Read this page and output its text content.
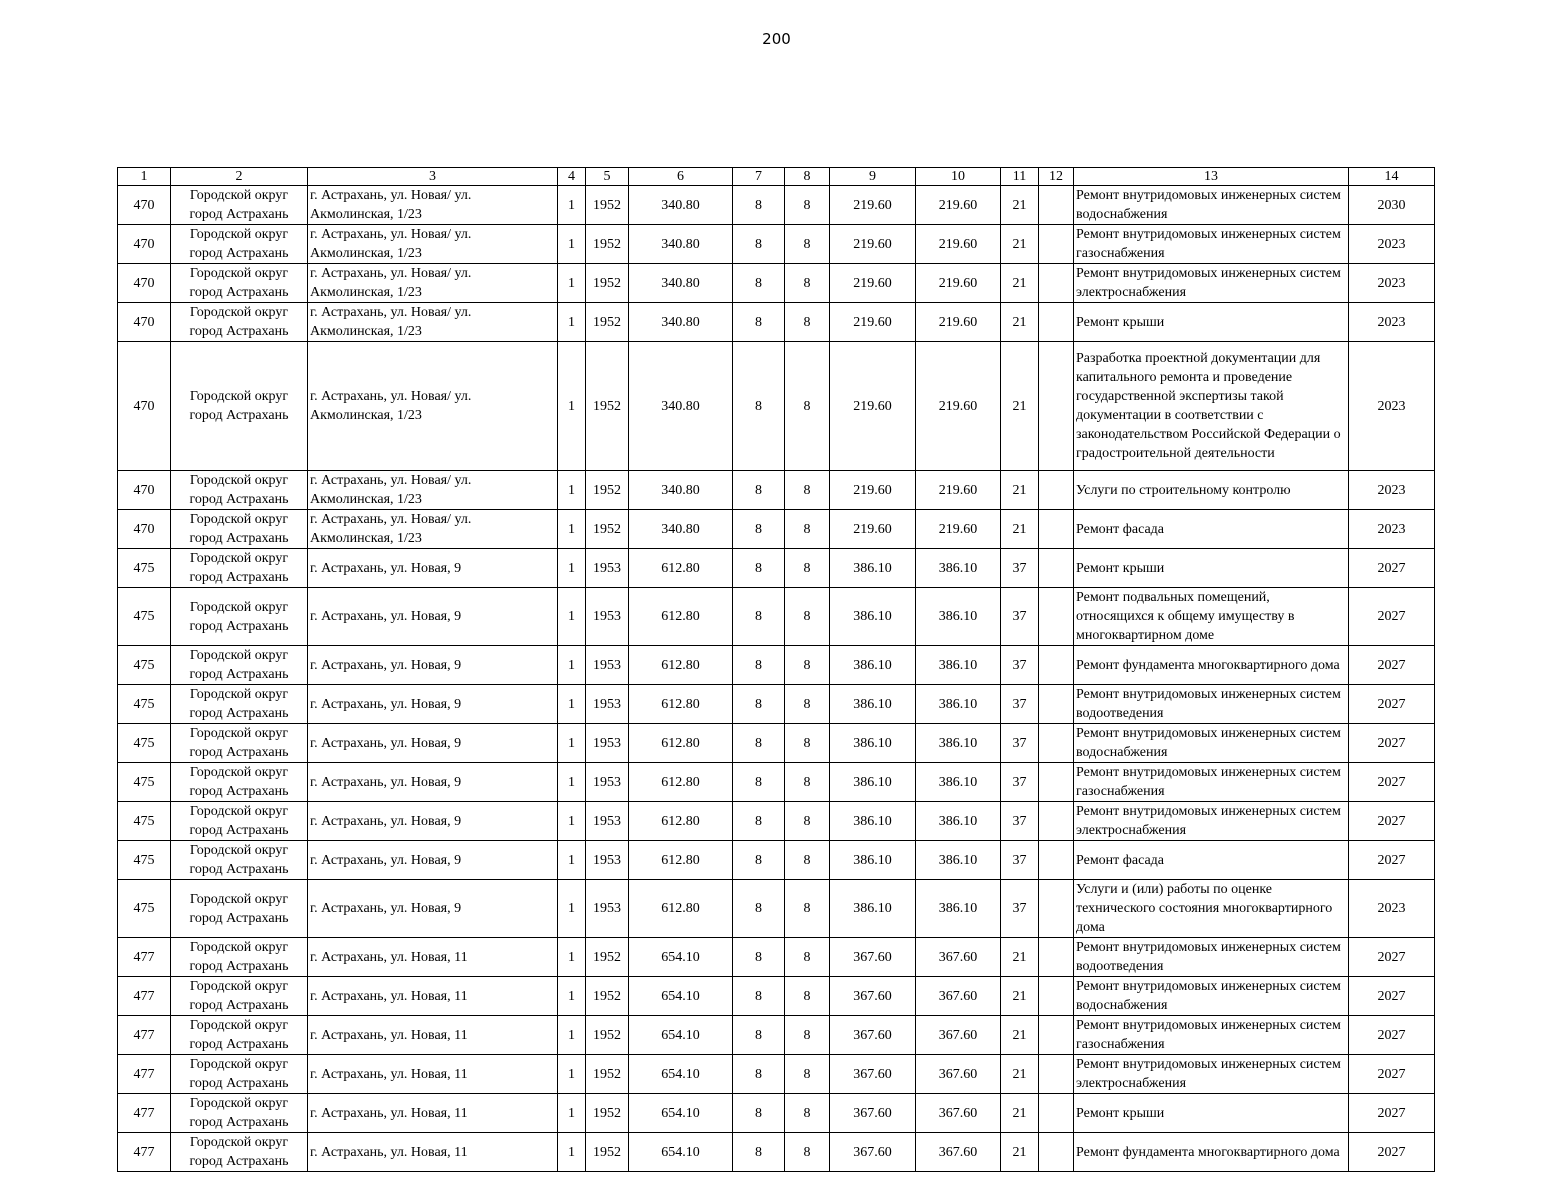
200
1	2	3	4	5	6	7	8	9	10	11	12	13	14
470	Городской округ город Астрахань	г. Астрахань, ул. Новая/ ул. Акмолинская, 1/23	1	1952	340.80	8	8	219.60	219.60	21		Ремонт внутридомовых инженерных систем водоснабжения	2030
470	Городской округ город Астрахань	г. Астрахань, ул. Новая/ ул. Акмолинская, 1/23	1	1952	340.80	8	8	219.60	219.60	21		Ремонт внутридомовых инженерных систем газоснабжения	2023
470	Городской округ город Астрахань	г. Астрахань, ул. Новая/ ул. Акмолинская, 1/23	1	1952	340.80	8	8	219.60	219.60	21		Ремонт внутридомовых инженерных систем электроснабжения	2023
470	Городской округ город Астрахань	г. Астрахань, ул. Новая/ ул. Акмолинская, 1/23	1	1952	340.80	8	8	219.60	219.60	21		Ремонт крыши	2023
470	Городской округ город Астрахань	г. Астрахань, ул. Новая/ ул. Акмолинская, 1/23	1	1952	340.80	8	8	219.60	219.60	21		Разработка проектной документации для капитального ремонта и проведение государственной экспертизы такой документации в соответствии с законодательством Российской Федерации о градостроительной деятельности	2023
470	Городской округ город Астрахань	г. Астрахань, ул. Новая/ ул. Акмолинская, 1/23	1	1952	340.80	8	8	219.60	219.60	21		Услуги по строительному контролю	2023
470	Городской округ город Астрахань	г. Астрахань, ул. Новая/ ул. Акмолинская, 1/23	1	1952	340.80	8	8	219.60	219.60	21		Ремонт фасада	2023
475	Городской округ город Астрахань	г. Астрахань, ул. Новая, 9	1	1953	612.80	8	8	386.10	386.10	37		Ремонт крыши	2027
475	Городской округ город Астрахань	г. Астрахань, ул. Новая, 9	1	1953	612.80	8	8	386.10	386.10	37		Ремонт подвальных помещений, относящихся к общему имуществу в многоквартирном доме	2027
475	Городской округ город Астрахань	г. Астрахань, ул. Новая, 9	1	1953	612.80	8	8	386.10	386.10	37		Ремонт фундамента многоквартирного дома	2027
475	Городской округ город Астрахань	г. Астрахань, ул. Новая, 9	1	1953	612.80	8	8	386.10	386.10	37		Ремонт внутридомовых инженерных систем водоотведения	2027
475	Городской округ город Астрахань	г. Астрахань, ул. Новая, 9	1	1953	612.80	8	8	386.10	386.10	37		Ремонт внутридомовых инженерных систем водоснабжения	2027
475	Городской округ город Астрахань	г. Астрахань, ул. Новая, 9	1	1953	612.80	8	8	386.10	386.10	37		Ремонт внутридомовых инженерных систем газоснабжения	2027
475	Городской округ город Астрахань	г. Астрахань, ул. Новая, 9	1	1953	612.80	8	8	386.10	386.10	37		Ремонт внутридомовых инженерных систем электроснабжения	2027
475	Городской округ город Астрахань	г. Астрахань, ул. Новая, 9	1	1953	612.80	8	8	386.10	386.10	37		Ремонт фасада	2027
475	Городской округ город Астрахань	г. Астрахань, ул. Новая, 9	1	1953	612.80	8	8	386.10	386.10	37		Услуги и (или) работы по оценке технического состояния многоквартирного дома	2023
477	Городской округ город Астрахань	г. Астрахань, ул. Новая, 11	1	1952	654.10	8	8	367.60	367.60	21		Ремонт внутридомовых инженерных систем водоотведения	2027
477	Городской округ город Астрахань	г. Астрахань, ул. Новая, 11	1	1952	654.10	8	8	367.60	367.60	21		Ремонт внутридомовых инженерных систем водоснабжения	2027
477	Городской округ город Астрахань	г. Астрахань, ул. Новая, 11	1	1952	654.10	8	8	367.60	367.60	21		Ремонт внутридомовых инженерных систем газоснабжения	2027
477	Городской округ город Астрахань	г. Астрахань, ул. Новая, 11	1	1952	654.10	8	8	367.60	367.60	21		Ремонт внутридомовых инженерных систем электроснабжения	2027
477	Городской округ город Астрахань	г. Астрахань, ул. Новая, 11	1	1952	654.10	8	8	367.60	367.60	21		Ремонт крыши	2027
477	Городской округ город Астрахань	г. Астрахань, ул. Новая, 11	1	1952	654.10	8	8	367.60	367.60	21		Ремонт фундамента многоквартирного дома	2027
